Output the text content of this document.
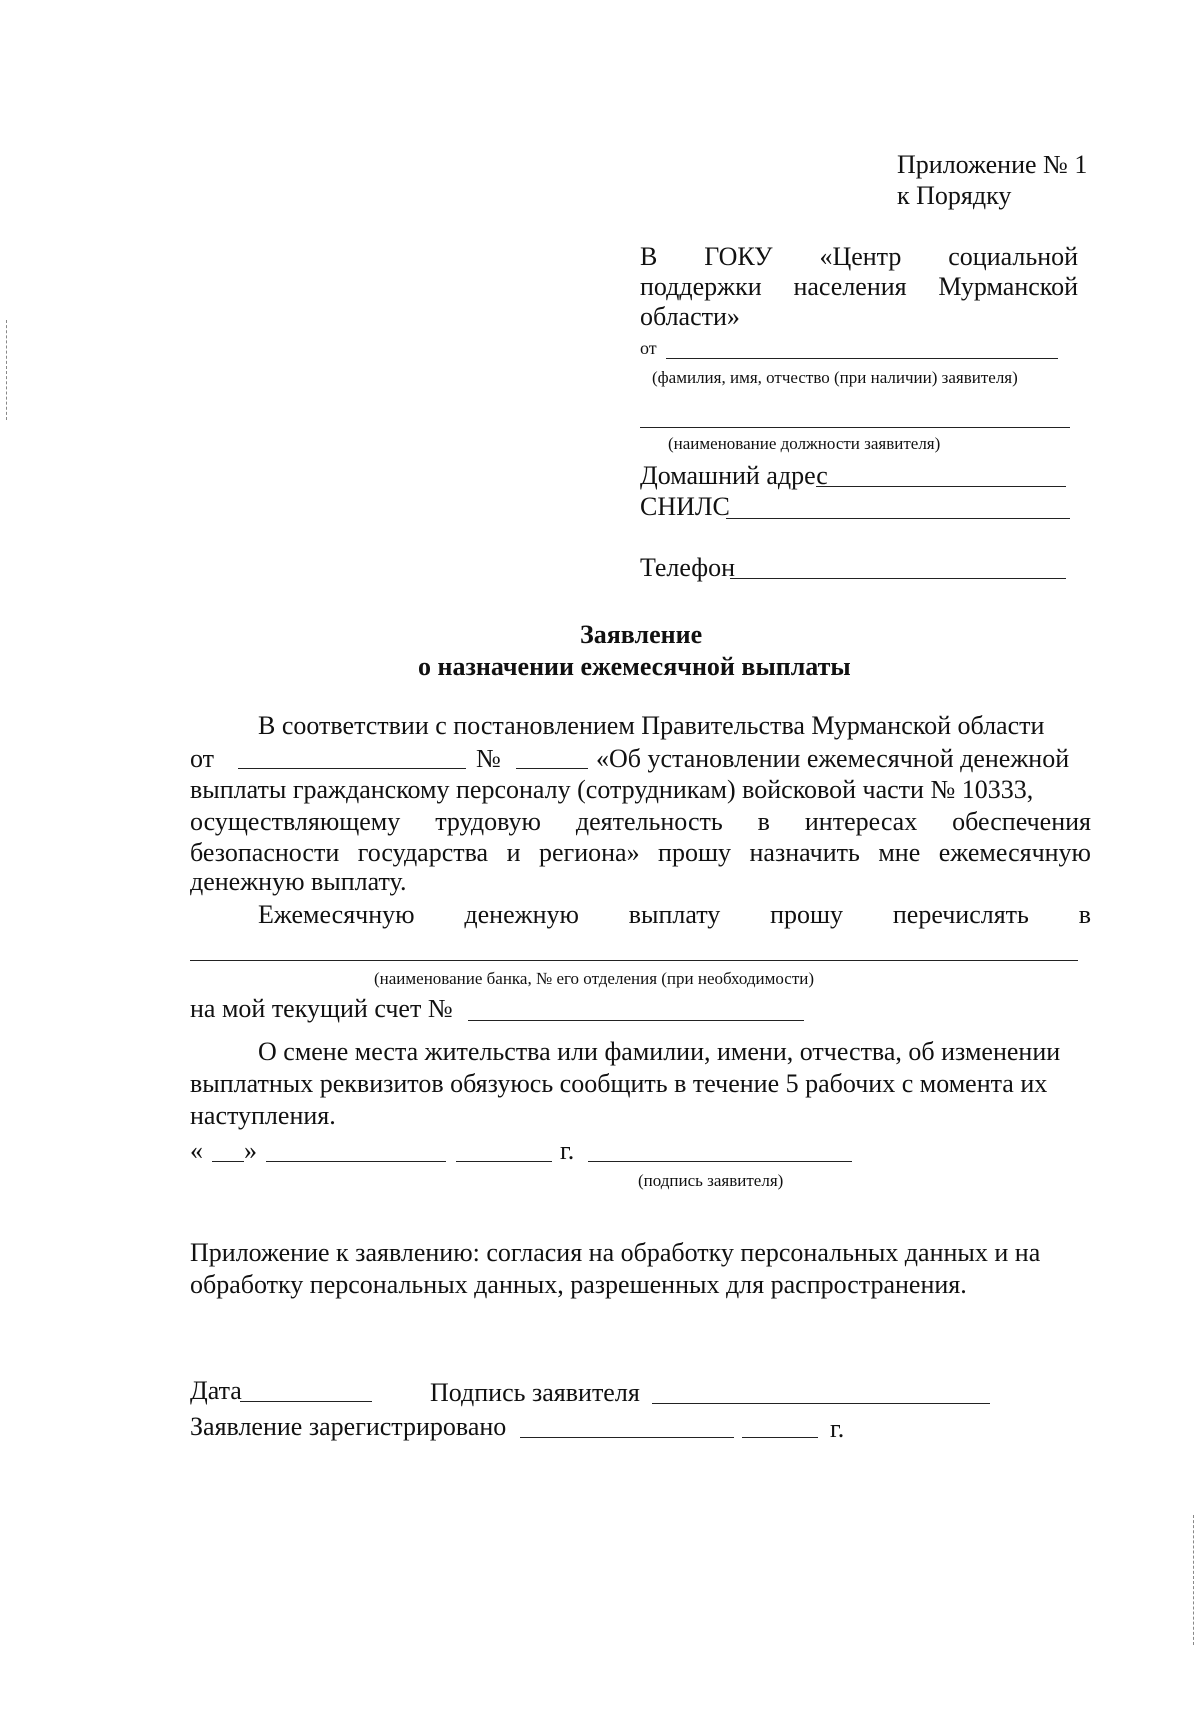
Приложение № 1
к Порядку
В ГОКУ «Центр социальной
поддержки населения Мурманской
области»
от
(фамилия, имя, отчество (при наличии) заявителя)
(наименование должности заявителя)
Домашний адрес
СНИЛС
Телефон
Заявление
о назначении ежемесячной выплаты
В соответствии с постановлением Правительства Мурманской области
от	№	«Об установлении ежемесячной денежной
выплаты гражданскому персоналу (сотрудникам) войсковой части № 10333,
осуществляющему трудовую деятельность в интересах обеспечения
безопасности государства и региона» прошу назначить мне ежемесячную
денежную выплату.
Ежемесячную денежную выплату прошу перечислять в
(наименование банка, № его отделения (при необходимости)
на мой текущий счет №
О смене места жительства или фамилии, имени, отчества, об изменении
выплатных реквизитов обязуюсь сообщить в течение 5 рабочих с момента их
наступления.
« »	г.
(подпись заявителя)
Приложение к заявлению: согласия на обработку персональных данных и на
обработку персональных данных, разрешенных для распространения.
Дата	Подпись заявителя
Заявление зарегистрировано	г.
